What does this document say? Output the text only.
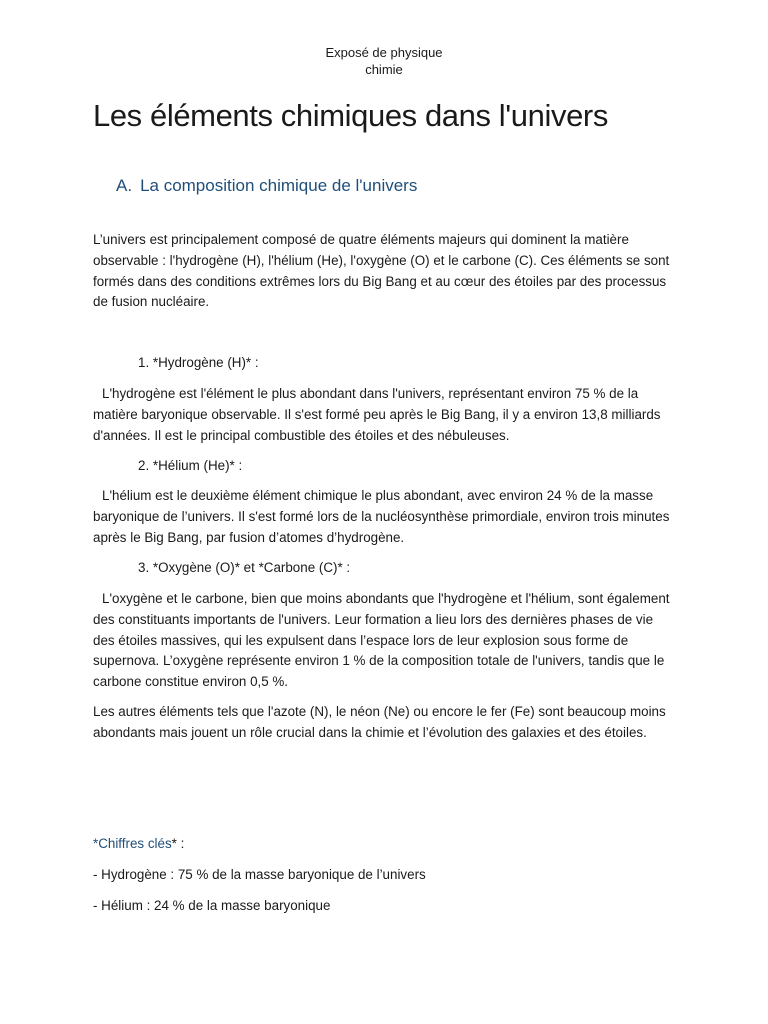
Exposé de physique
chimie
Les éléments chimiques dans l'univers
A. La composition chimique de l'univers

L’univers est principalement composé de quatre éléments majeurs qui dominent la matière observable : l'hydrogène (H), l'hélium (He), l'oxygène (O) et le carbone (C). Ces éléments se sont formés dans des conditions extrêmes lors du Big Bang et au cœur des étoiles par des processus de fusion nucléaire.

1. *Hydrogène (H)* :

L'hydrogène est l'élément le plus abondant dans l'univers, représentant environ 75 % de la matière baryonique observable. Il s'est formé peu après le Big Bang, il y a environ 13,8 milliards d'années. Il est le principal combustible des étoiles et des nébuleuses.

2. *Hélium (He)* :

L'hélium est le deuxième élément chimique le plus abondant, avec environ 24 % de la masse baryonique de l’univers. Il s'est formé lors de la nucléosynthèse primordiale, environ trois minutes après le Big Bang, par fusion d’atomes d’hydrogène.

3. *Oxygène (O)* et *Carbone (C)* :

L'oxygène et le carbone, bien que moins abondants que l'hydrogène et l'hélium, sont également des constituants importants de l'univers. Leur formation a lieu lors des dernières phases de vie des étoiles massives, qui les expulsent dans l’espace lors de leur explosion sous forme de supernova. L’oxygène représente environ 1 % de la composition totale de l'univers, tandis que le carbone constitue environ 0,5 %.

Les autres éléments tels que l'azote (N), le néon (Ne) ou encore le fer (Fe) sont beaucoup moins abondants mais jouent un rôle crucial dans la chimie et l’évolution des galaxies et des étoiles.

*Chiffres clés* :

- Hydrogène : 75 % de la masse baryonique de l’univers

- Hélium : 24 % de la masse baryonique
